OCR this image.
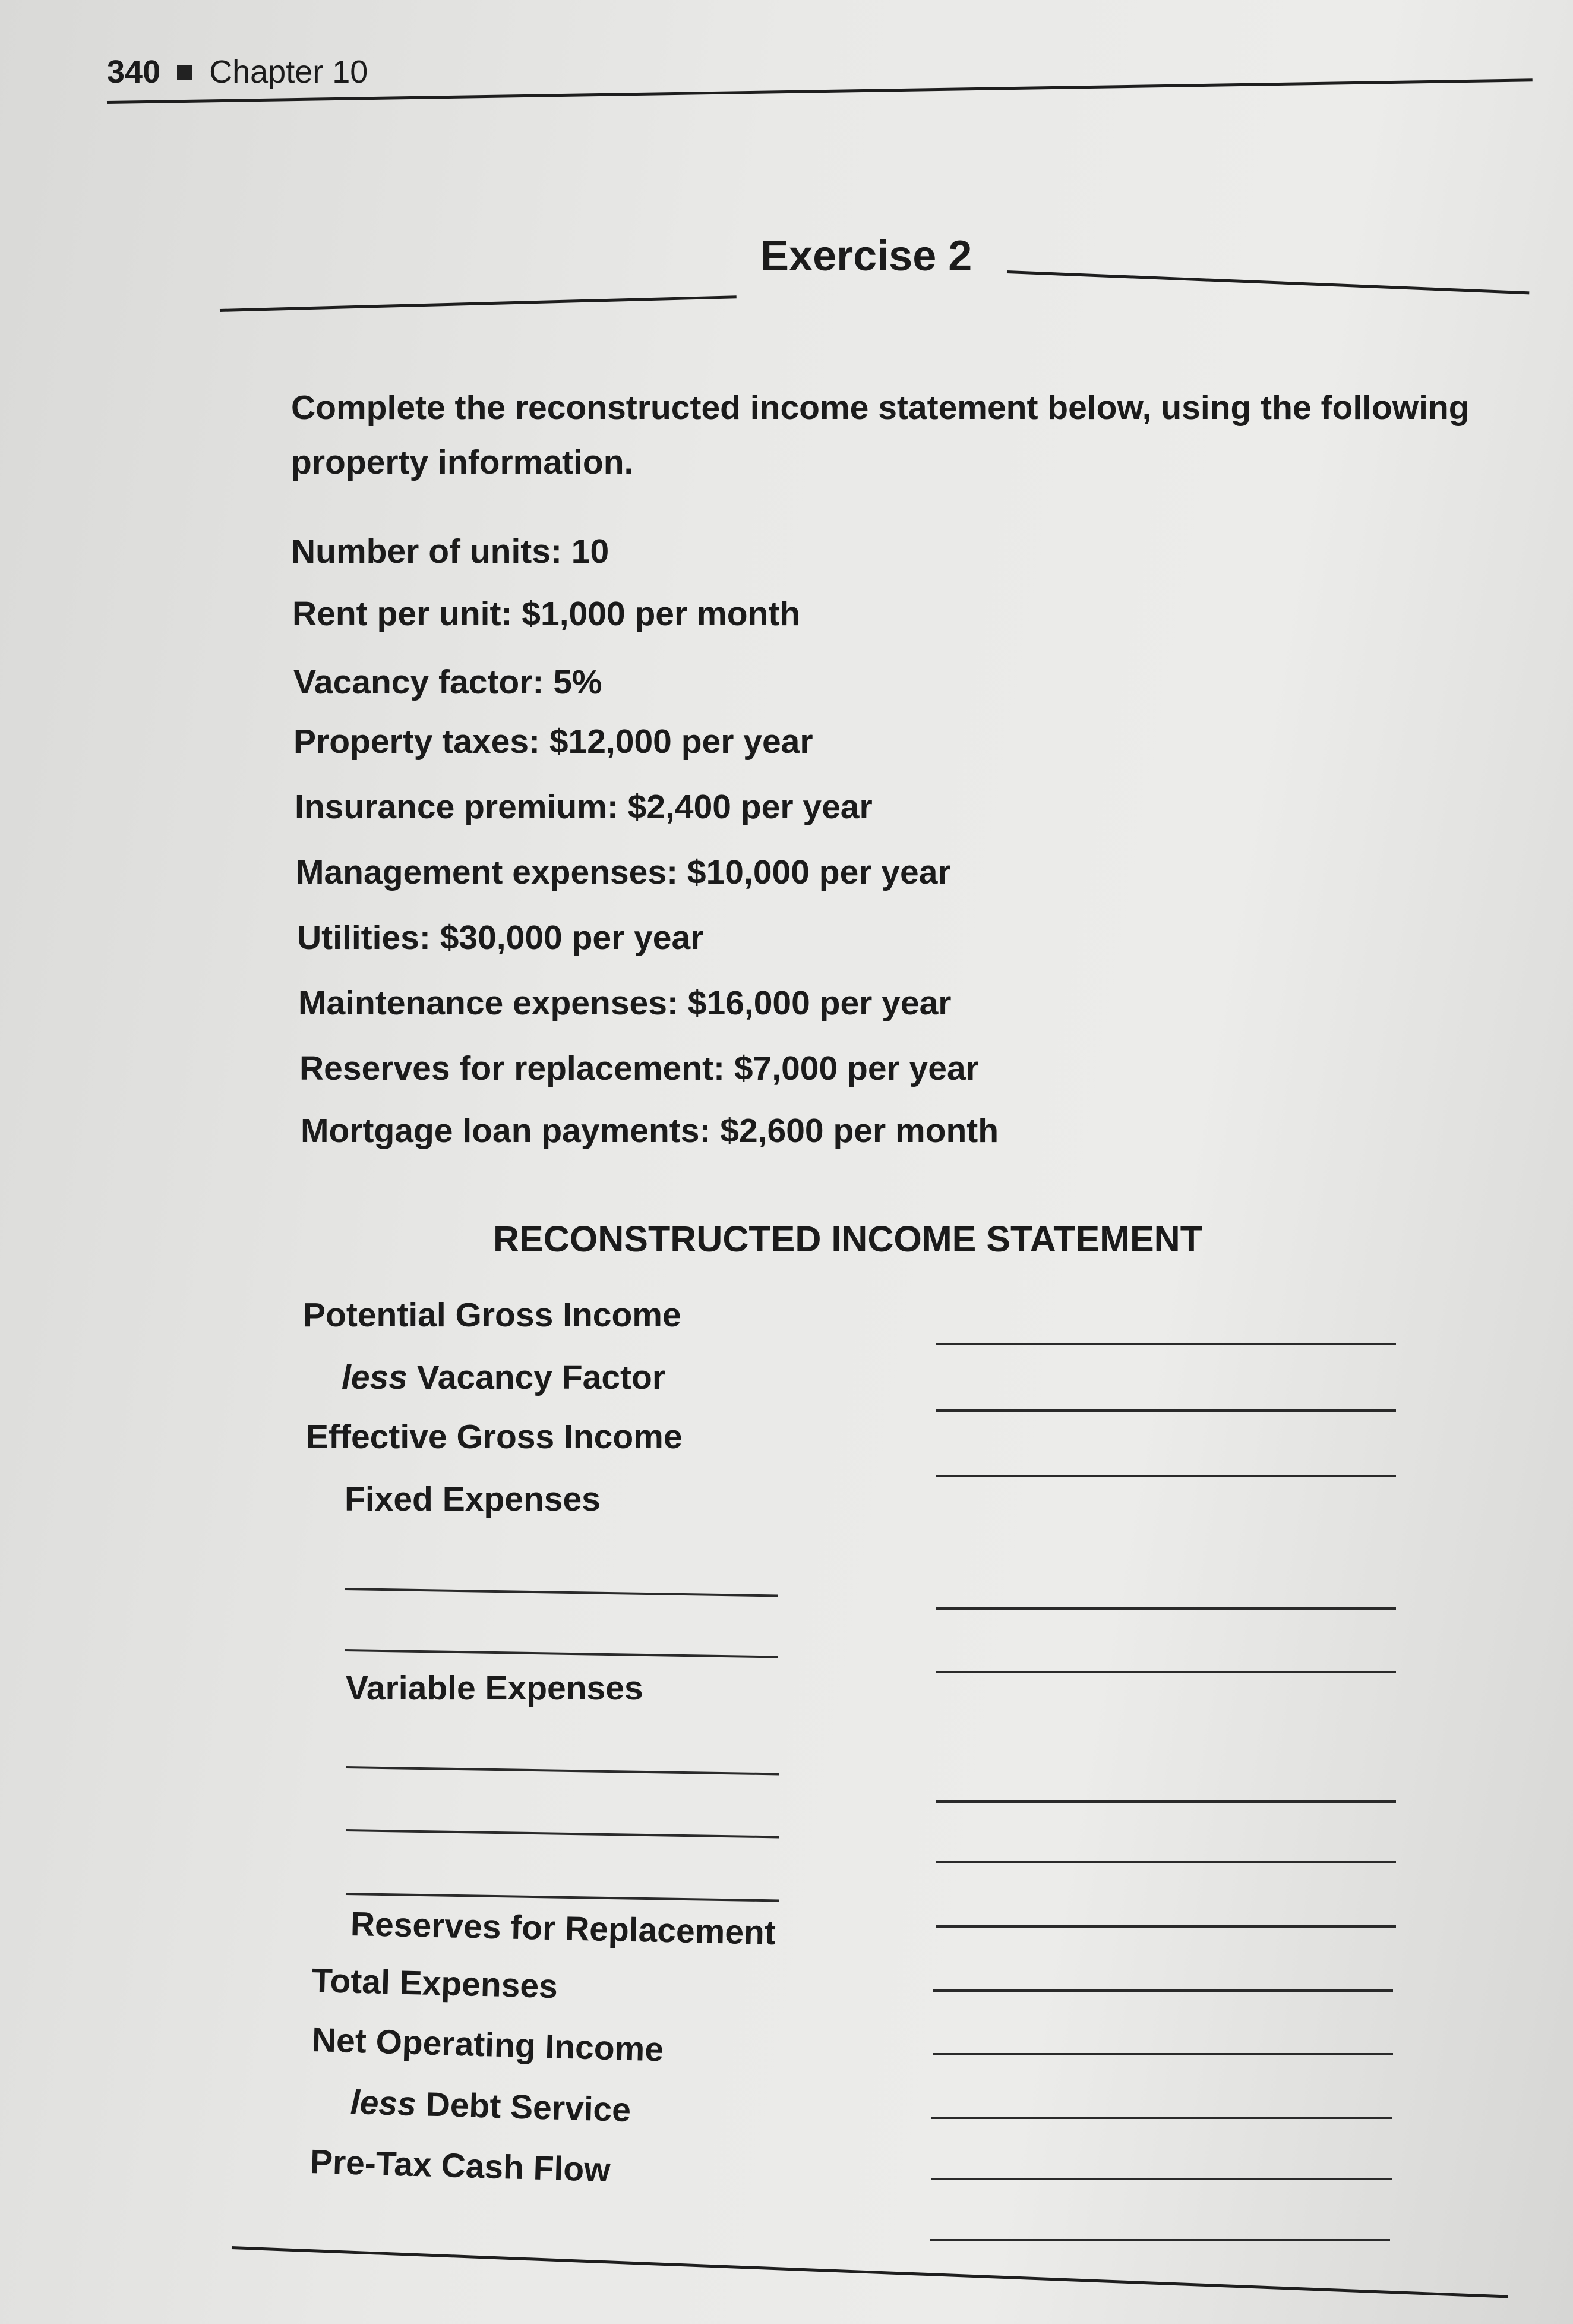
340 Chapter 10
Exercise 2
Complete the reconstructed income statement below, using the following property information.
Number of units: 10
Rent per unit: $1,000 per month
Vacancy factor: 5%
Property taxes: $12,000 per year
Insurance premium: $2,400 per year
Management expenses: $10,000 per year
Utilities: $30,000 per year
Maintenance expenses: $16,000 per year
Reserves for replacement: $7,000 per year
Mortgage loan payments: $2,600 per month
RECONSTRUCTED INCOME STATEMENT
Potential Gross Income
less Vacancy Factor
Effective Gross Income
Fixed Expenses
Variable Expenses
Reserves for Replacement
Total Expenses
Net Operating Income
less Debt Service
Pre-Tax Cash Flow
